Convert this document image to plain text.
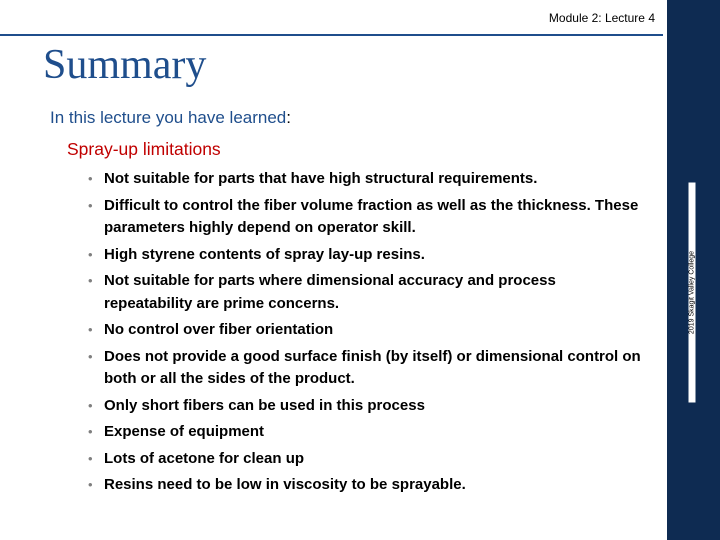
Module 2: Lecture 4
2019 Skagit Valley College
Summary
In this lecture you have learned:
Spray-up limitations
• Not suitable for parts that have high structural requirements.
• Difficult to control the fiber volume fraction as well as the thickness. These parameters highly depend on operator skill.
• High styrene contents of spray lay-up resins.
• Not suitable for parts where dimensional accuracy and process repeatability are prime concerns.
• No control over fiber orientation
• Does not provide a good surface finish (by itself) or dimensional control on both or all the sides of the product.
• Only short fibers can be used in this process
• Expense of equipment
• Lots of acetone for clean up
• Resins need to be low in viscosity to be sprayable.
